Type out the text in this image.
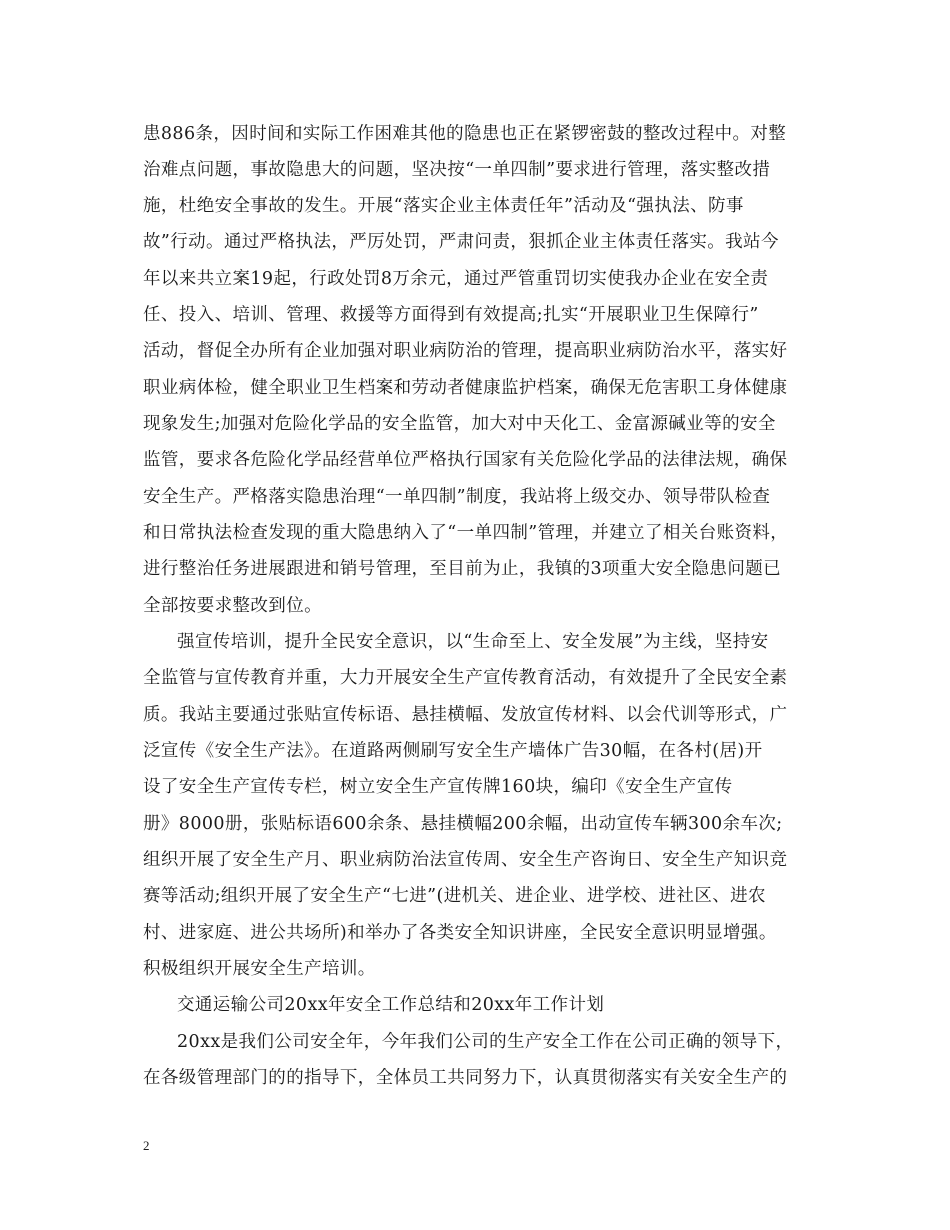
患886条，因时间和实际工作困难其他的隐患也正在紧锣密鼓的整改过程中。对整
治难点问题，事故隐患大的问题，坚决按“一单四制”要求进行管理，落实整改措
施，杜绝安全事故的发生。开展“落实企业主体责任年”活动及“强执法、防事
故”行动。通过严格执法，严厉处罚，严肃问责，狠抓企业主体责任落实。我站今
年以来共立案19起，行政处罚8万余元，通过严管重罚切实使我办企业在安全责
任、投入、培训、管理、救援等方面得到有效提高;扎实“开展职业卫生保障行”
活动，督促全办所有企业加强对职业病防治的管理，提高职业病防治水平，落实好
职业病体检，健全职业卫生档案和劳动者健康监护档案，确保无危害职工身体健康
现象发生;加强对危险化学品的安全监管，加大对中天化工、金富源碱业等的安全
监管，要求各危险化学品经营单位严格执行国家有关危险化学品的法律法规，确保
安全生产。严格落实隐患治理“一单四制”制度，我站将上级交办、领导带队检查
和日常执法检查发现的重大隐患纳入了“一单四制”管理，并建立了相关台账资料，
进行整治任务进展跟进和销号管理，至目前为止，我镇的3项重大安全隐患问题已
全部按要求整改到位。
强宣传培训，提升全民安全意识，以“生命至上、安全发展”为主线，坚持安
全监管与宣传教育并重，大力开展安全生产宣传教育活动，有效提升了全民安全素
质。我站主要通过张贴宣传标语、悬挂横幅、发放宣传材料、以会代训等形式，广
泛宣传《安全生产法》。在道路两侧刷写安全生产墙体广告30幅，在各村(居)开
设了安全生产宣传专栏，树立安全生产宣传牌160块，编印《安全生产宣传
册》8000册，张贴标语600余条、悬挂横幅200余幅，出动宣传车辆300余车次;
组织开展了安全生产月、职业病防治法宣传周、安全生产咨询日、安全生产知识竞
赛等活动;组织开展了安全生产“七进”(进机关、进企业、进学校、进社区、进农
村、进家庭、进公共场所)和举办了各类安全知识讲座，全民安全意识明显增强。
积极组织开展安全生产培训。
交通运输公司20xx年安全工作总结和20xx年工作计划
20xx是我们公司安全年，今年我们公司的生产安全工作在公司正确的领导下，
在各级管理部门的的指导下，全体员工共同努力下，认真贯彻落实有关安全生产的
2
